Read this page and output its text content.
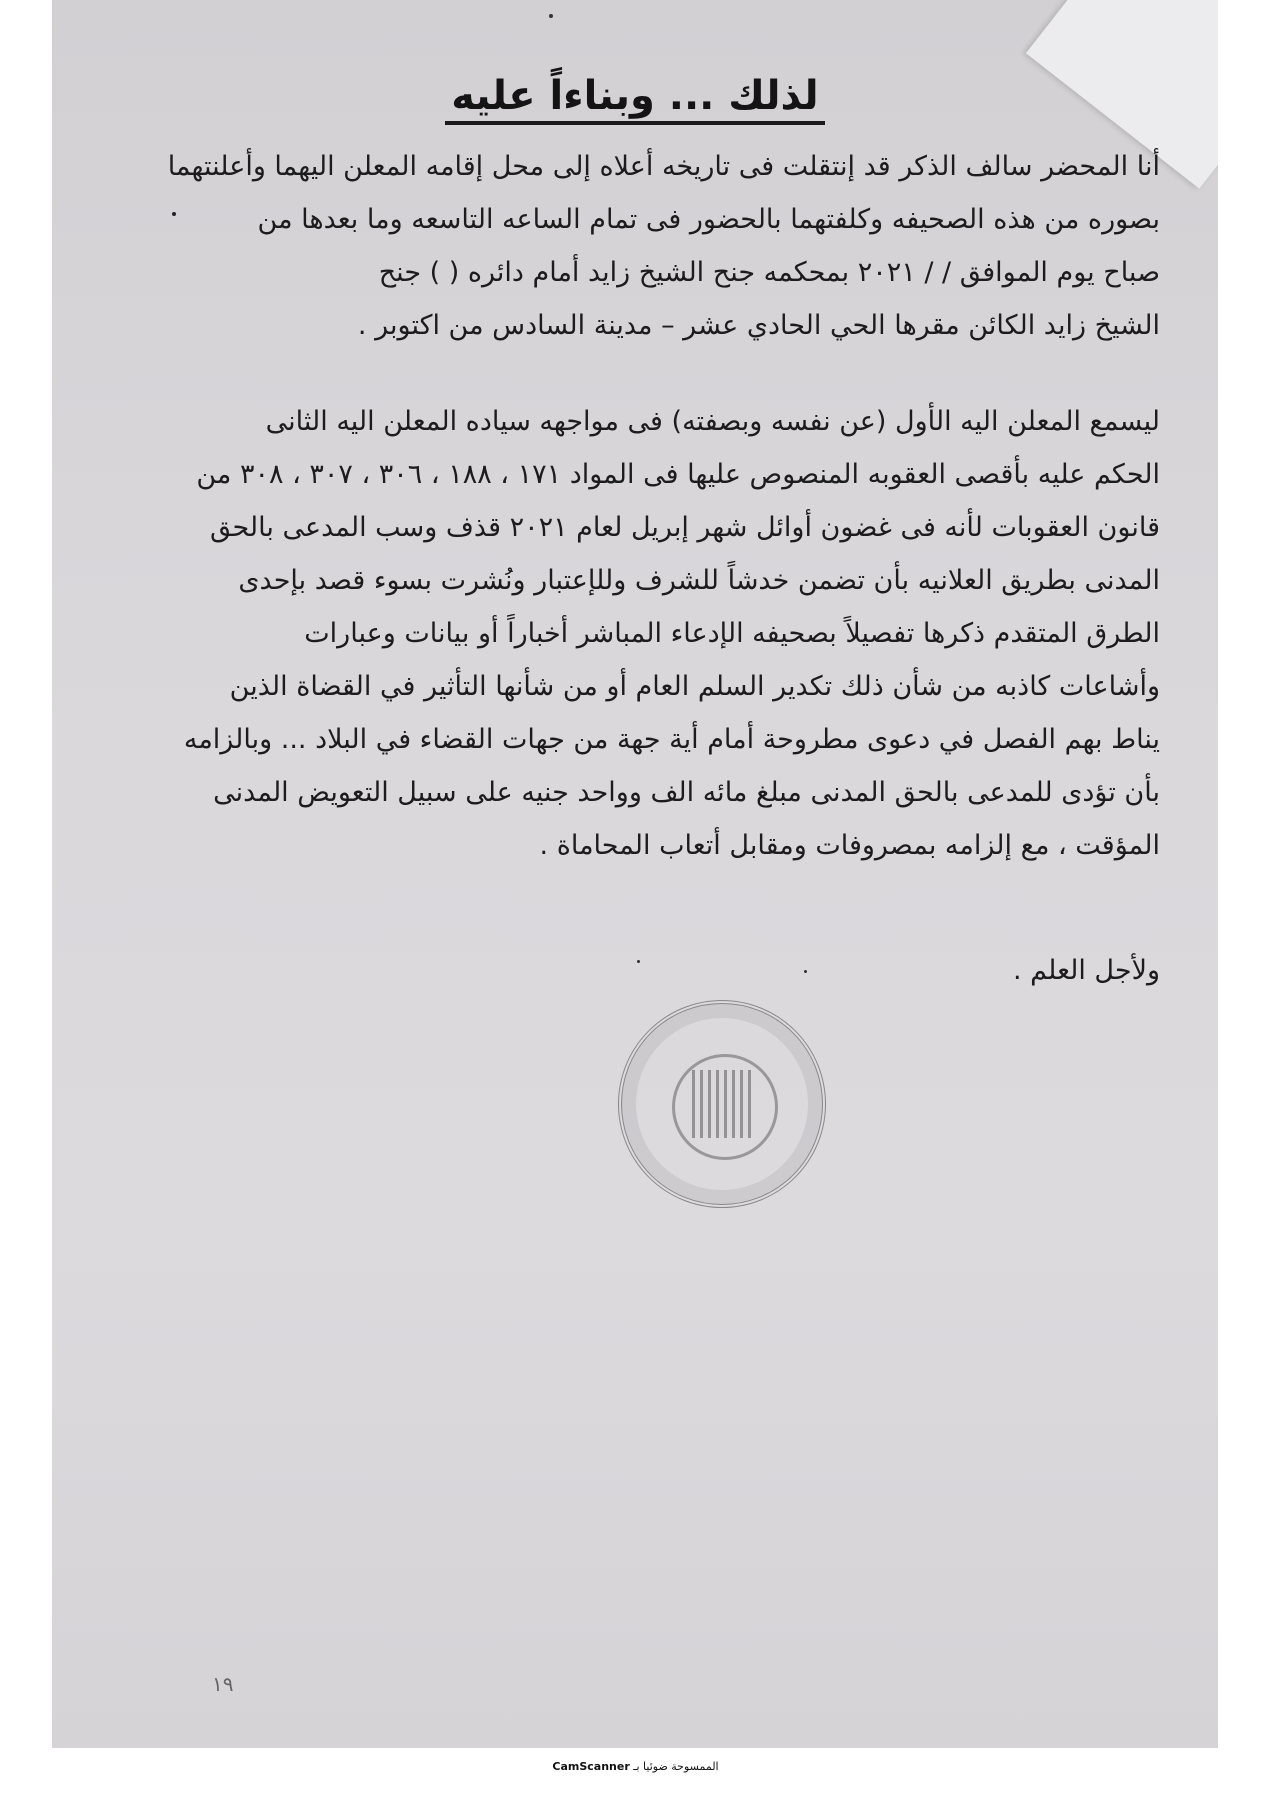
لذلك ... وبناءاً عليه
أنا المحضر سالف الذكر قد إنتقلت فى تاريخه أعلاه إلى محل إقامه المعلن اليهما وأعلنتهما
بصوره من هذه الصحيفه وكلفتهما بالحضور فى تمام الساعه التاسعه وما بعدها من
صباح يوم الموافق / / ٢٠٢١ بمحكمه جنح الشيخ زايد أمام دائره ( ) جنح
الشيخ زايد الكائن مقرها الحي الحادي عشر – مدينة السادس من اكتوبر .
ليسمع المعلن اليه الأول (عن نفسه وبصفته) فى مواجهه سياده المعلن اليه الثانى
الحكم عليه بأقصى العقوبه المنصوص عليها فى المواد ١٧١ ، ١٨٨ ، ٣٠٦ ، ٣٠٧ ، ٣٠٨ من
قانون العقوبات لأنه فى غضون أوائل شهر إبريل لعام ٢٠٢١ قذف وسب المدعى بالحق
المدنى بطريق العلانيه بأن تضمن خدشاً للشرف وللإعتبار ونُشرت بسوء قصد بإحدى
الطرق المتقدم ذكرها تفصيلاً بصحيفه الإدعاء المباشر أخباراً أو بيانات وعبارات
وأشاعات كاذبه من شأن ذلك تكدير السلم العام أو من شأنها التأثير في القضاة الذين
يناط بهم الفصل في دعوى مطروحة أمام أية جهة من جهات القضاء في البلاد ... وبالزامه
بأن تؤدى للمدعى بالحق المدنى مبلغ مائه الف وواحد جنيه على سبيل التعويض المدنى
المؤقت ، مع إلزامه بمصروفات ومقابل أتعاب المحاماة .
ولأجل العلم .
١٩
CamScanner الممسوحة ضوئيا بـ
